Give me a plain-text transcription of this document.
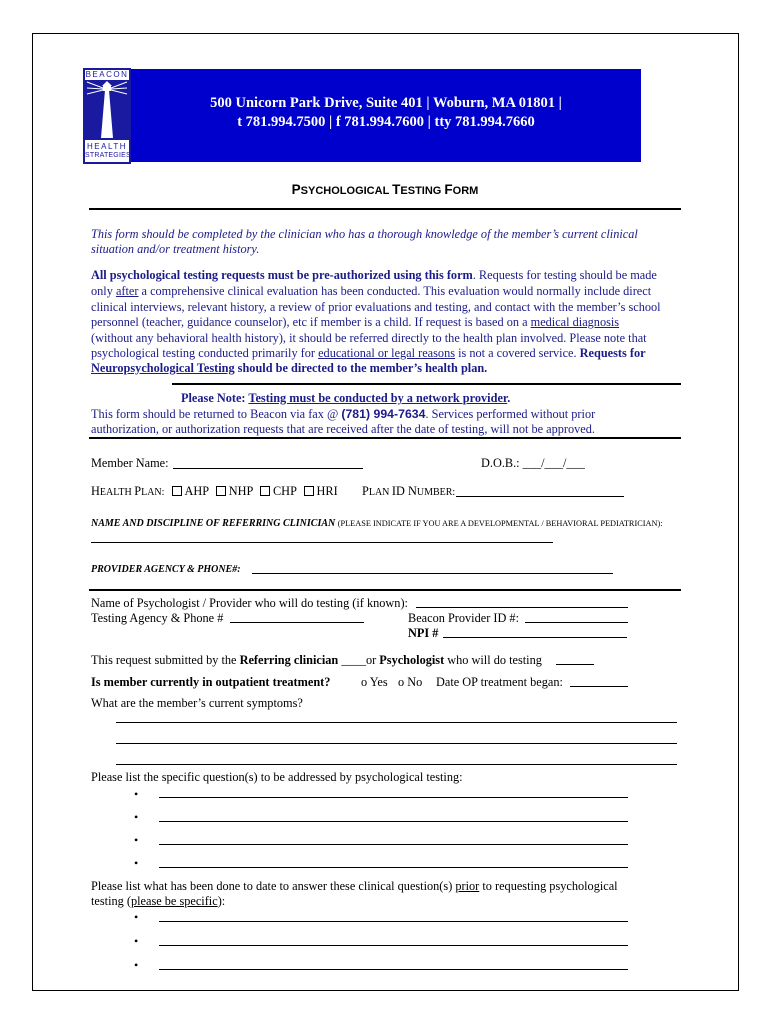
BEACON
HEALTH
STRATEGIES
500 Unicorn Park Drive, Suite 401 | Woburn, MA 01801 |
t 781.994.7500 | f 781.994.7600 | tty 781.994.7660
PSYCHOLOGICAL TESTING FORM
This form should be completed by the clinician who has a thorough knowledge of the member’s current clinical
situation and/or treatment history.
All psychological testing requests must be pre-authorized using this form. Requests for testing should be made
only after a comprehensive clinical evaluation has been conducted. This evaluation would normally include direct
clinical interviews, relevant history, a review of prior evaluations and testing, and contact with the member’s school
personnel (teacher, guidance counselor), etc if member is a child. If request is based on a medical diagnosis
(without any behavioral health history), it should be referred directly to the health plan involved. Please note that
psychological testing conducted primarily for educational or legal reasons is not a covered service. Requests for
Neuropsychological Testing should be directed to the member’s health plan.
Please Note: Testing must be conducted by a network provider.
This form should be returned to Beacon via fax @ (781) 994-7634. Services performed without prior
authorization, or authorization requests that are received after the date of testing, will not be approved.
Member Name:	D.O.B.: ___/___/___
HEALTH PLAN: AHP NHP CHP HRI PLAN ID NUMBER:
NAME AND DISCIPLINE OF REFERRING CLINICIAN (PLEASE INDICATE IF YOU ARE A DEVELOPMENTAL / BEHAVIORAL PEDIATRICIAN):
PROVIDER AGENCY & PHONE#:
Name of Psychologist / Provider who will do testing (if known):
Testing Agency & Phone #	Beacon Provider ID #:
NPI #
This request submitted by the Referring clinician ____or Psychologist who will do testing
Is member currently in outpatient treatment? o Yes o No Date OP treatment began:
What are the member’s current symptoms?
Please list the specific question(s) to be addressed by psychological testing:
•
•
•
•
Please list what has been done to date to answer these clinical question(s) prior to requesting psychological
testing (please be specific):
•
•
•
